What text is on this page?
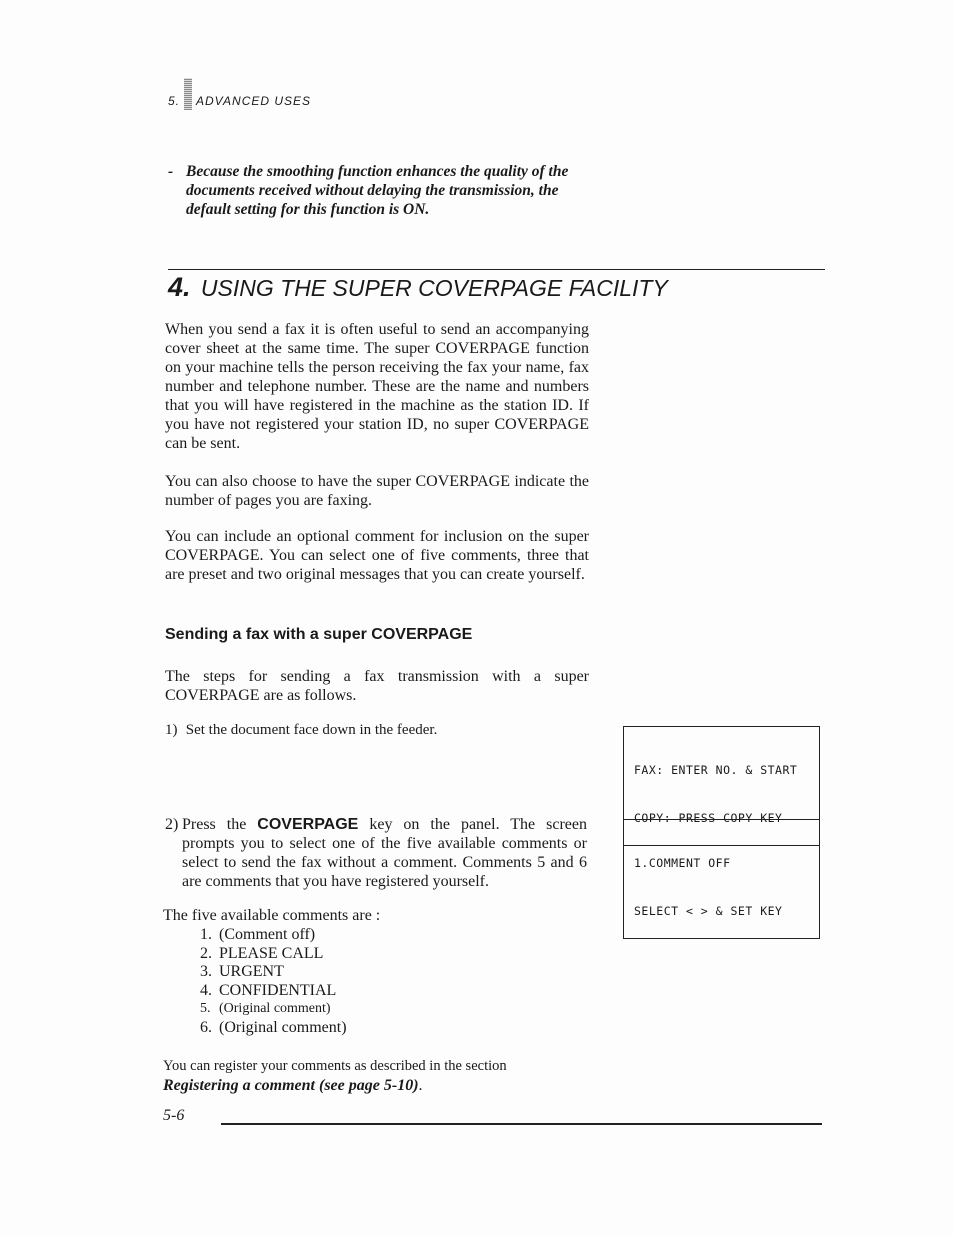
5. ADVANCED USES
- Because the smoothing function enhances the quality of the documents received without delaying the transmission, the default setting for this function is ON.
4. USING THE SUPER COVERPAGE FACILITY
When you send a fax it is often useful to send an accompanying cover sheet at the same time. The super COVERPAGE function on your machine tells the person receiving the fax your name, fax number and telephone number. These are the name and numbers that you will have registered in the machine as the station ID. If you have not registered your station ID, no super COVERPAGE can be sent.
You can also choose to have the super COVERPAGE indicate the number of pages you are faxing.
You can include an optional comment for inclusion on the super COVERPAGE. You can select one of five comments, three that are preset and two original messages that you can create yourself.
Sending a fax with a super COVERPAGE
The steps for sending a fax transmission with a super COVERPAGE are as follows.
1) Set the document face down in the feeder.

FAX: ENTER NO. & START

COPY: PRESS COPY KEY

2) Press the COVERPAGE key on the panel. The screen prompts you to select one of the five available comments or select to send the fax without a comment. Comments 5 and 6 are comments that you have registered yourself.

1.COMMENT OFF

SELECT < > & SET KEY

The five available comments are :
1. (Comment off)
2. PLEASE CALL
3. URGENT
4. CONFIDENTIAL
5. (Original comment)
6. (Original comment)
You can register your comments as described in the section
Registering a comment (see page 5-10).
5-6
